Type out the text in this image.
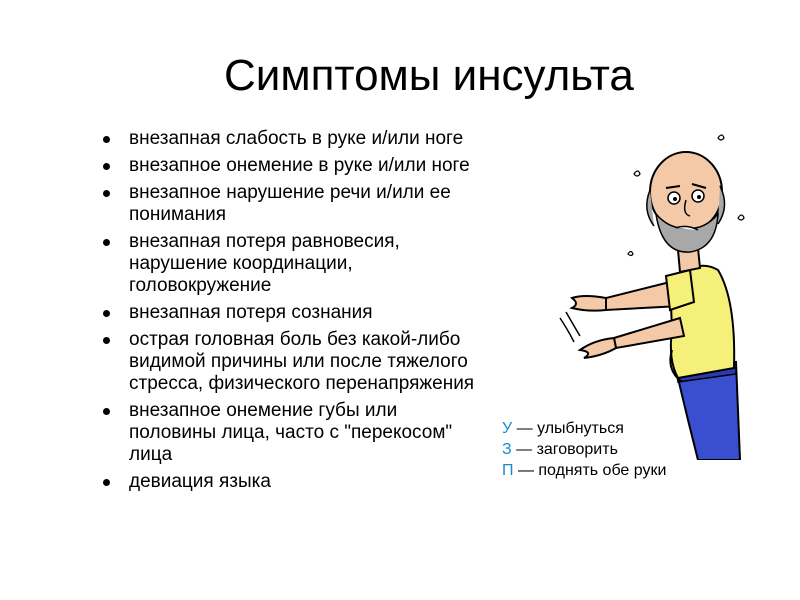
Симптомы инсульта
внезапная слабость в руке и/или ноге
внезапное онемение в руке и/или ноге
внезапное нарушение речи и/или ее понимания
внезапная потеря равновесия, нарушение координации, головокружение
внезапная потеря сознания
острая головная боль без какой-либо видимой причины или после тяжелого стресса, физического перенапряжения
внезапное онемение губы или половины лица, часто с "перекосом" лица
девиация языка
У — улыбнуться
З — заговорить
П — поднять обе руки
